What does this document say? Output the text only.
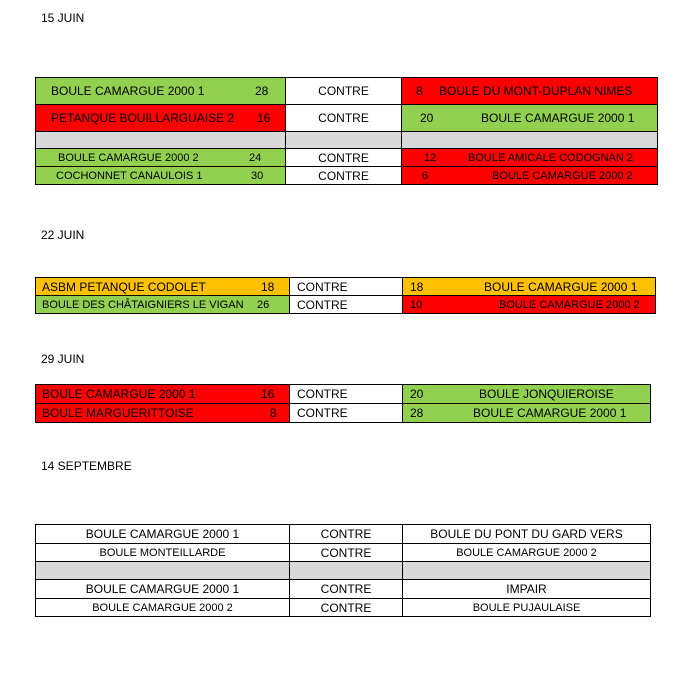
15 JUIN
BOULE CAMARGUE 2000 1 28	CONTRE	8 BOULE DU MONT-DUPLAN NIMES

PETANQUE BOUILLARGUAISE 2 16	CONTRE	20 BOULE CAMARGUE 2000 1

BOULE CAMARGUE 2000 2 24	CONTRE	12 BOULE AMICALE CODOGNAN 2

COCHONNET CANAULOIS 1 30	CONTRE	6 BOULE CAMARGUE 2000 2
22 JUIN
ASBM PETANQUE CODOLET 18	CONTRE	18 BOULE CAMARGUE 2000 1

BOULE DES CHÂTAIGNIERS LE VIGAN 26	CONTRE	10 BOULE CAMARGUE 2000 2
29 JUIN
BOULE CAMARGUE 2000 1 16	CONTRE	20 BOULE JONQUIEROISE

BOULE MARGUERITTOISE 8	CONTRE	28 BOULE CAMARGUE 2000 1
14 SEPTEMBRE
BOULE CAMARGUE 2000 1	CONTRE	BOULE DU PONT DU GARD VERS
BOULE MONTEILLARDE	CONTRE	BOULE CAMARGUE 2000 2

BOULE CAMARGUE 2000 1	CONTRE	IMPAIR
BOULE CAMARGUE 2000 2	CONTRE	BOULE PUJAULAISE
